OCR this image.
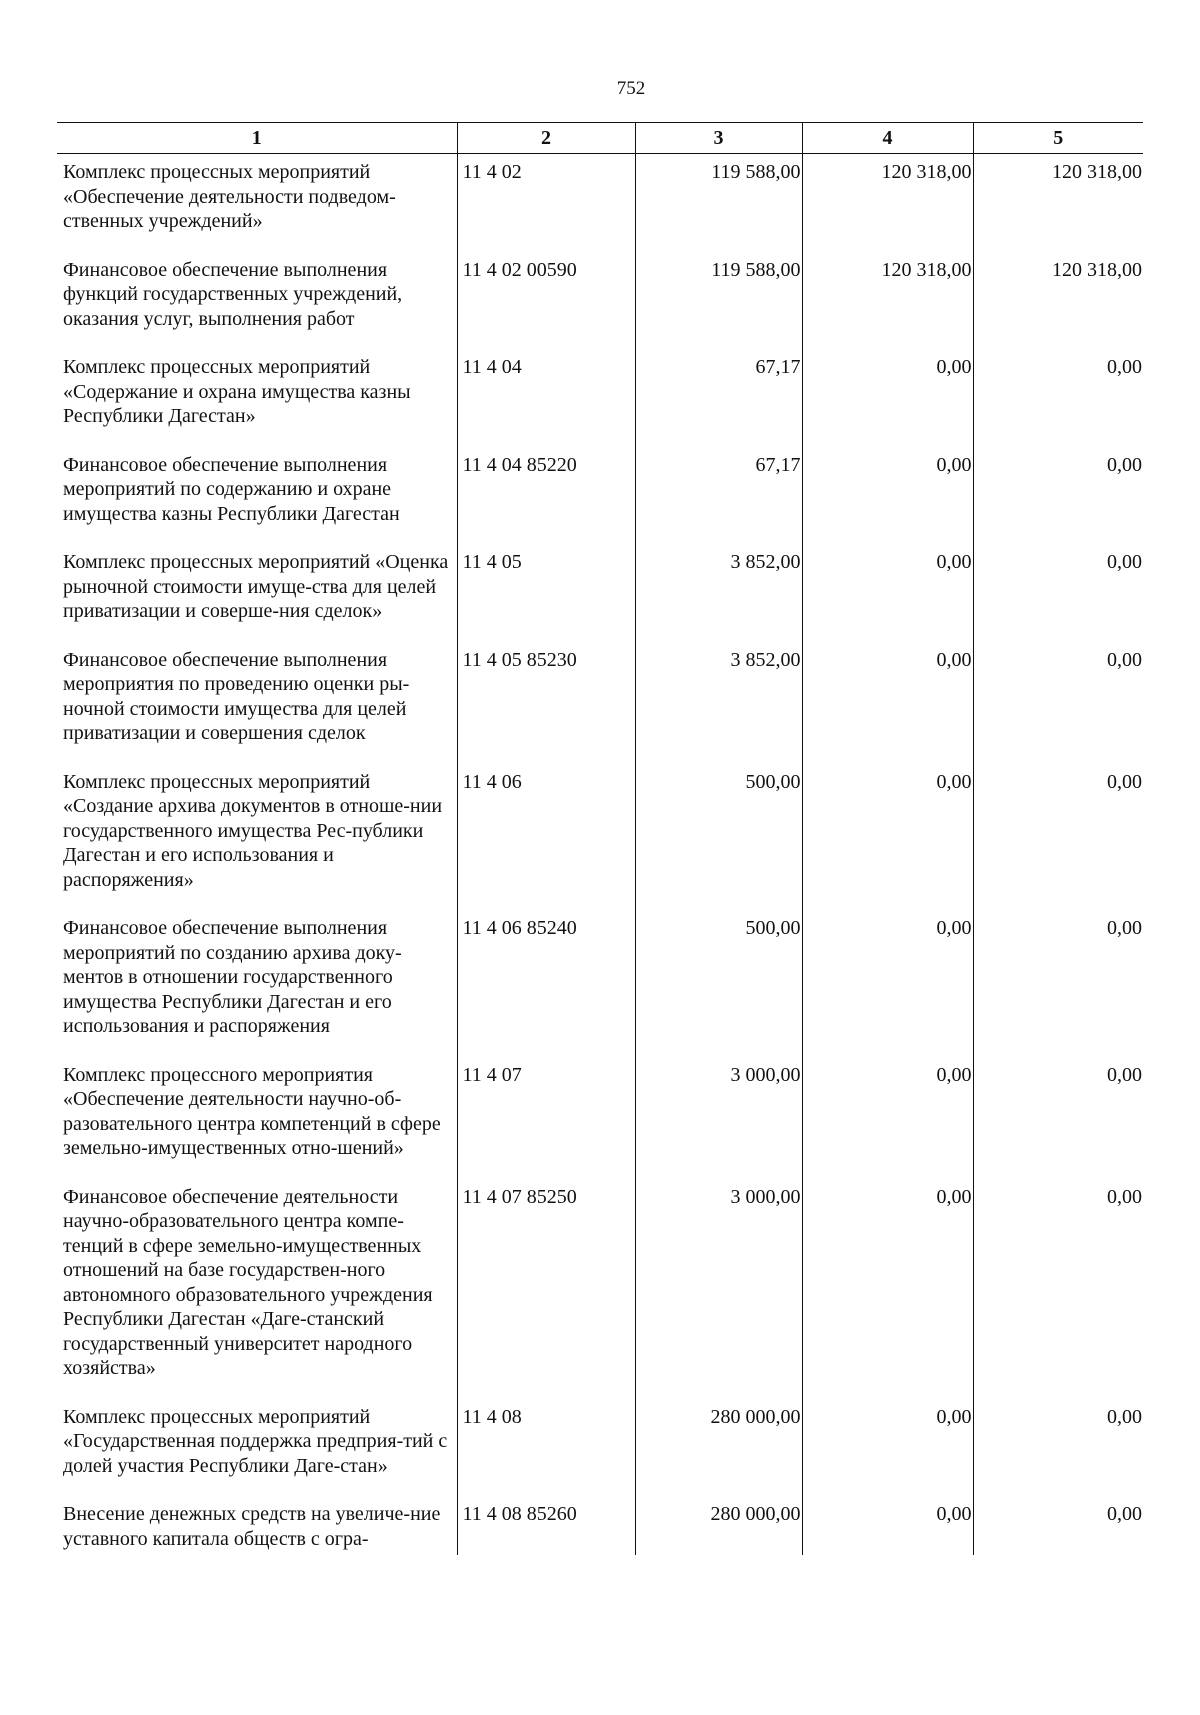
752
1	2	3	4	5
Комплекс процессных мероприятий «Обеспечение деятельности подведом-ственных учреждений»	11 4 02	119 588,00	120 318,00	120 318,00
Финансовое обеспечение выполнения функций государственных учреждений, оказания услуг, выполнения работ	11 4 02 00590	119 588,00	120 318,00	120 318,00
Комплекс процессных мероприятий «Содержание и охрана имущества казны Республики Дагестан»	11 4 04	67,17	0,00	0,00
Финансовое обеспечение выполнения мероприятий по содержанию и охране имущества казны Республики Дагестан	11 4 04 85220	67,17	0,00	0,00
Комплекс процессных мероприятий «Оценка рыночной стоимости имуще-ства для целей приватизации и соверше-ния сделок»	11 4 05	3 852,00	0,00	0,00
Финансовое обеспечение выполнения мероприятия по проведению оценки ры-ночной стоимости имущества для целей приватизации и совершения сделок	11 4 05 85230	3 852,00	0,00	0,00
Комплекс процессных мероприятий «Создание архива документов в отноше-нии государственного имущества Рес-публики Дагестан и его использования и распоряжения»	11 4 06	500,00	0,00	0,00
Финансовое обеспечение выполнения мероприятий по созданию архива доку-ментов в отношении государственного имущества Республики Дагестан и его использования и распоряжения	11 4 06 85240	500,00	0,00	0,00
Комплекс процессного мероприятия «Обеспечение деятельности научно-об-разовательного центра компетенций в сфере земельно-имущественных отно-шений»	11 4 07	3 000,00	0,00	0,00
Финансовое обеспечение деятельности научно-образовательного центра компе-тенций в сфере земельно-имущественных отношений на базе государствен-ного автономного образовательного учреждения Республики Дагестан «Даге-станский государственный университет народного хозяйства»	11 4 07 85250	3 000,00	0,00	0,00
Комплекс процессных мероприятий «Государственная поддержка предприя-тий с долей участия Республики Даге-стан»	11 4 08	280 000,00	0,00	0,00
Внесение денежных средств на увеличе-ние уставного капитала обществ с огра-	11 4 08 85260	280 000,00	0,00	0,00
